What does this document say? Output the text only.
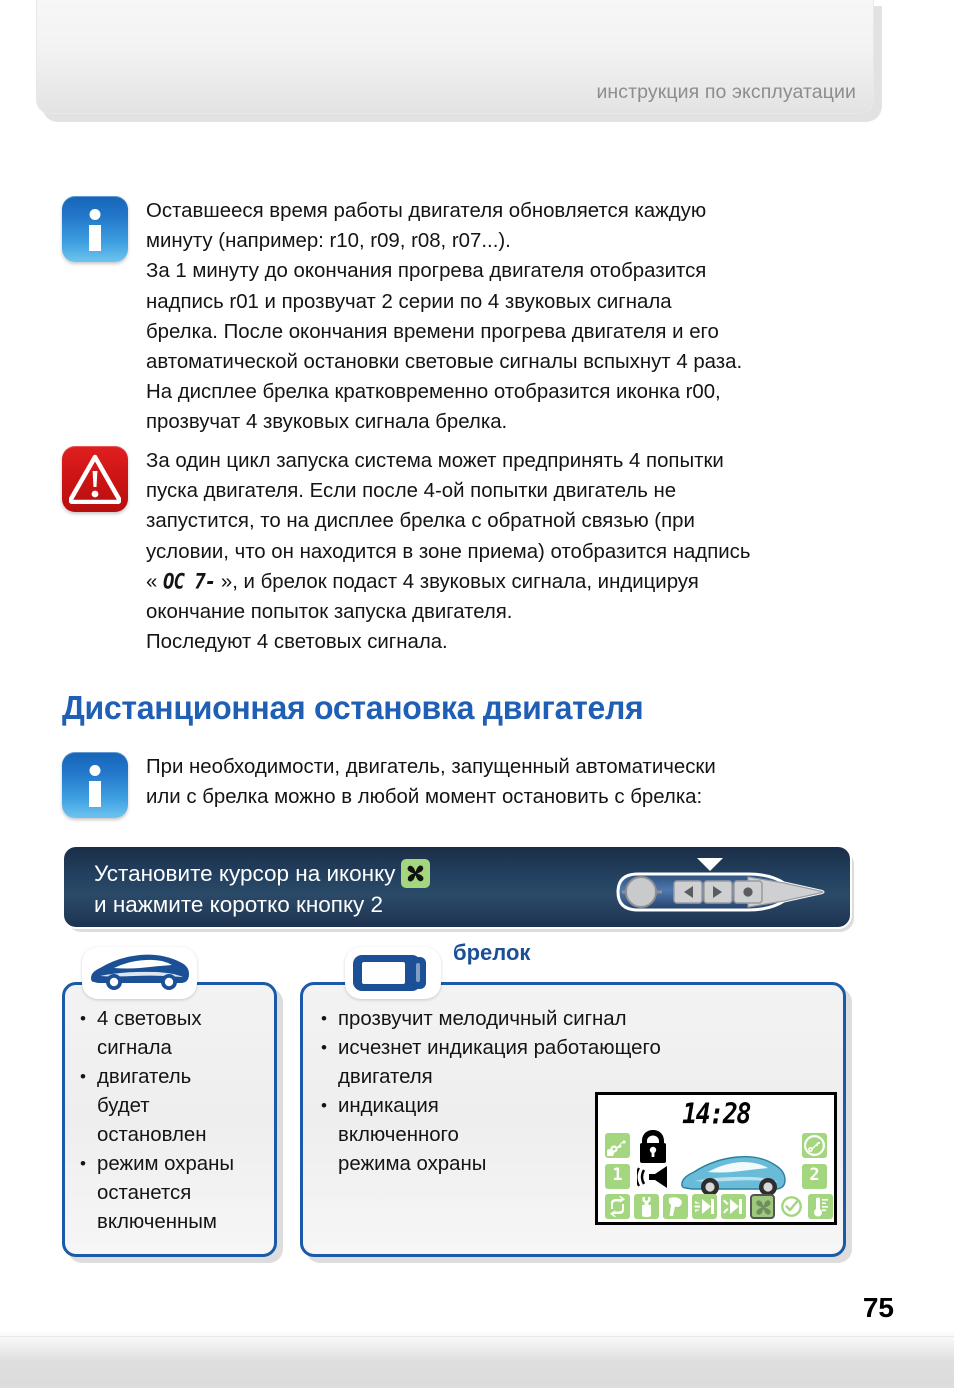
инструкция по эксплуатации

Оставшееся время работы двигателя обновляется каждую

минуту (например: r10, r09, r08, r07...).

За 1 минуту до окончания прогрева двигателя отобразится

надпись r01 и прозвучат 2 серии по 4 звуковых сигнала

брелка. После окончания времени прогрева двигателя и его

автоматической остановки световые сигналы вспыхнут 4 раза.

На дисплее брелка кратковременно отобразится иконка r00,

прозвучат 4 звуковых сигнала брелка.

За один цикл запуска система может предпринять 4 попытки

пуска двигателя. Если после 4-ой попытки двигатель не

запустится, то на дисплее брелка с обратной связью (при

условии, что он находится в зоне приема) отобразится надпись

« OC 7- », и брелок подаст 4 звуковых сигнала, индицируя

окончание попыток запуска двигателя.

Последуют 4 световых сигнала.

Дистанционная остановка двигателя

При необходимости, двигатель, запущенный автоматически

или с брелка можно в любой момент остановить с брелка:

Установите курсор на иконку

и нажмите коротко кнопку 2
• 4 световых
сигнала
• двигатель
будет
остановлен
• режим охраны
останется
включенным
• прозвучит мелодичный сигнал
• исчезнет индикация работающего двигателя
• индикация
включенного
режима охраны
брелок
14:28
1	2
75
